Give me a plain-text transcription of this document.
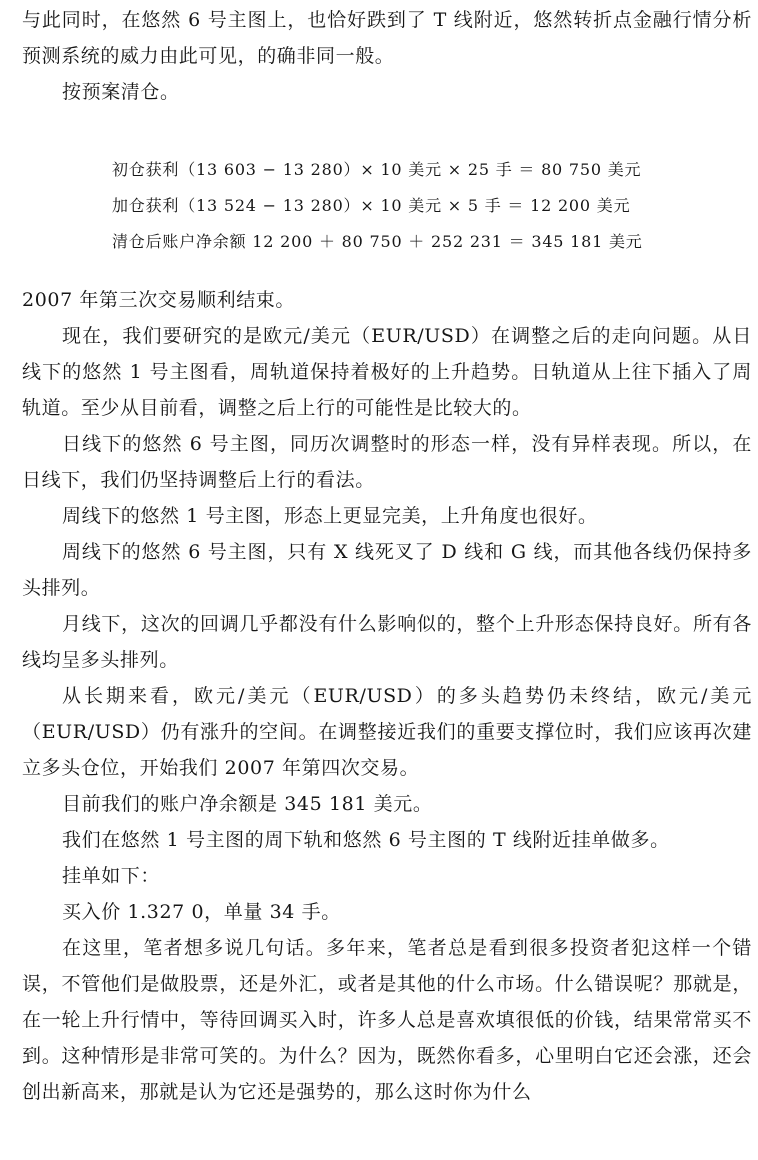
与此同时，在悠然 6 号主图上，也恰好跌到了 T 线附近，悠然转折点金融行情分析预测系统的威力由此可见，的确非同一般。

按预案清仓。

初仓获利（13 603 − 13 280）× 10 美元 × 25 手 ＝ 80 750 美元

加仓获利（13 524 − 13 280）× 10 美元 × 5 手 ＝ 12 200 美元

清仓后账户净余额 12 200 ＋ 80 750 ＋ 252 231 ＝ 345 181 美元

2007 年第三次交易顺利结束。

现在，我们要研究的是欧元/美元（EUR/USD）在调整之后的走向问题。从日线下的悠然 1 号主图看，周轨道保持着极好的上升趋势。日轨道从上往下插入了周轨道。至少从目前看，调整之后上行的可能性是比较大的。

日线下的悠然 6 号主图，同历次调整时的形态一样，没有异样表现。所以，在日线下，我们仍坚持调整后上行的看法。

周线下的悠然 1 号主图，形态上更显完美，上升角度也很好。

周线下的悠然 6 号主图，只有 X 线死叉了 D 线和 G 线，而其他各线仍保持多头排列。

月线下，这次的回调几乎都没有什么影响似的，整个上升形态保持良好。所有各线均呈多头排列。

从长期来看，欧元/美元（EUR/USD）的多头趋势仍未终结，欧元/美元（EUR/USD）仍有涨升的空间。在调整接近我们的重要支撑位时，我们应该再次建立多头仓位，开始我们 2007 年第四次交易。

目前我们的账户净余额是 345 181 美元。

我们在悠然 1 号主图的周下轨和悠然 6 号主图的 T 线附近挂单做多。

挂单如下：

买入价 1.327 0，单量 34 手。

在这里，笔者想多说几句话。多年来，笔者总是看到很多投资者犯这样一个错误，不管他们是做股票，还是外汇，或者是其他的什么市场。什么错误呢？那就是，在一轮上升行情中，等待回调买入时，许多人总是喜欢填很低的价钱，结果常常买不到。这种情形是非常可笑的。为什么？因为，既然你看多，心里明白它还会涨，还会创出新高来，那就是认为它还是强势的，那么这时你为什么
